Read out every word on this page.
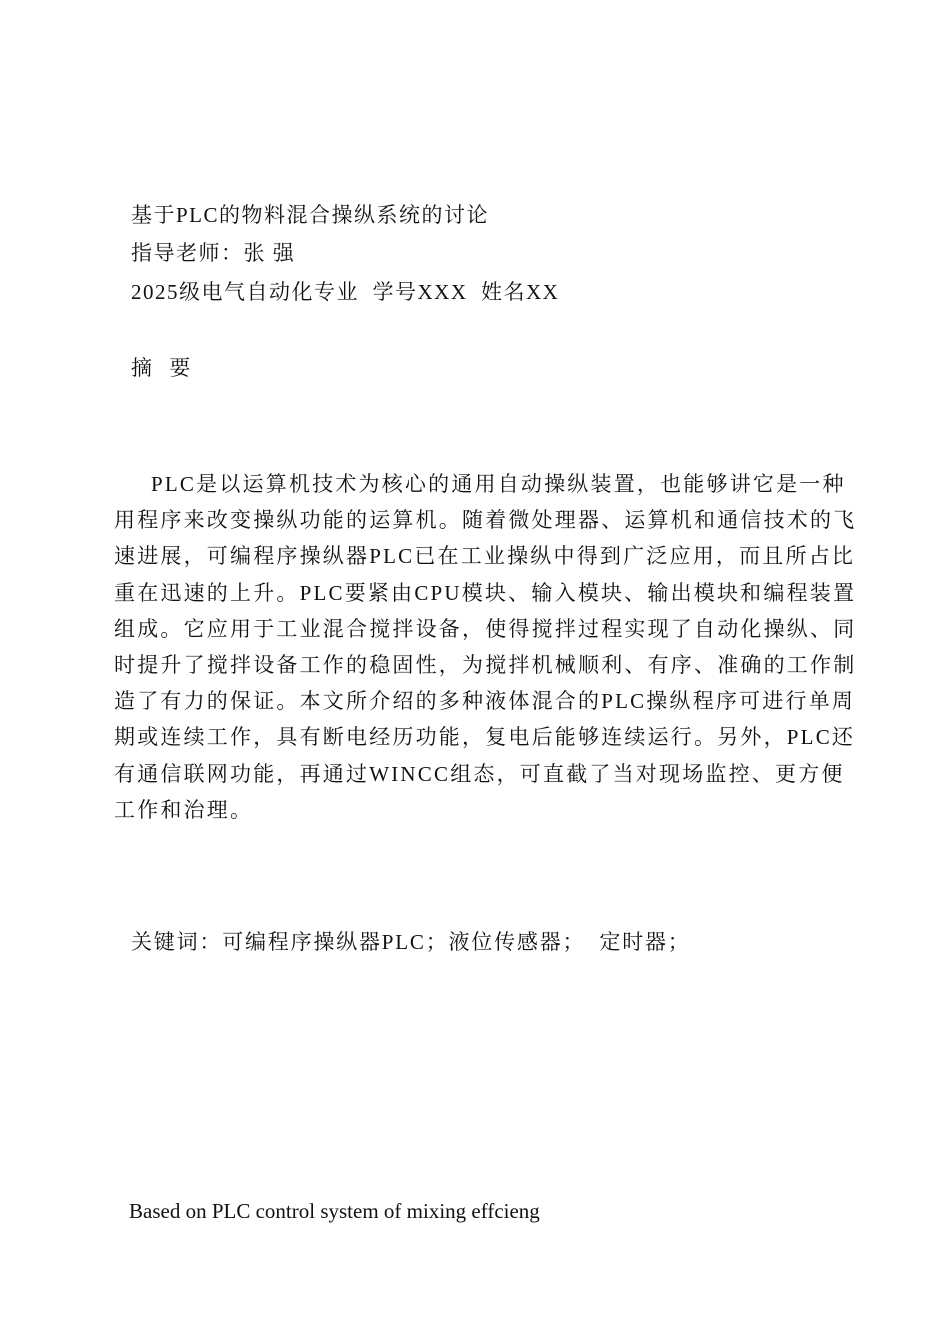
基于PLC的物料混合操纵系统的讨论
指导老师：张 强
2025级电气自动化专业  学号XXX  姓名XX
摘 要
PLC是以运算机技术为核心的通用自动操纵装置，也能够讲它是一种
用程序来改变操纵功能的运算机。随着微处理器、运算机和通信技术的飞
速进展，可编程序操纵器PLC已在工业操纵中得到广泛应用，而且所占比
重在迅速的上升。PLC要紧由CPU模块、输入模块、输出模块和编程装置
组成。它应用于工业混合搅拌设备，使得搅拌过程实现了自动化操纵、同
时提升了搅拌设备工作的稳固性，为搅拌机械顺利、有序、准确的工作制
造了有力的保证。本文所介绍的多种液体混合的PLC操纵程序可进行单周
期或连续工作，具有断电经历功能，复电后能够连续运行。另外，PLC还
有通信联网功能，再通过WINCC组态，可直截了当对现场监控、更方便
工作和治理。
关键词：可编程序操纵器PLC；液位传感器；  定时器；
Based on PLC control system of mixing effcieng
